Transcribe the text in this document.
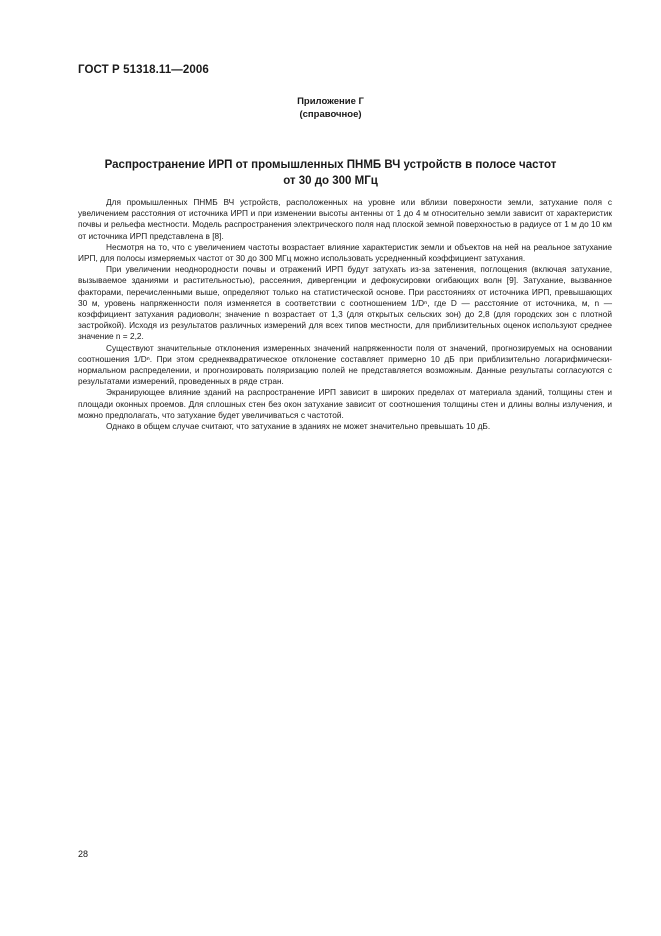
ГОСТ Р 51318.11—2006
Приложение Г
(справочное)
Распространение ИРП от промышленных ПНМБ ВЧ устройств в полосе частот
от 30 до 300 МГц

Для промышленных ПНМБ ВЧ устройств, расположенных на уровне или вблизи поверхности земли, затухание поля с увеличением расстояния от источника ИРП и при изменении высоты антенны от 1 до 4 м относительно земли зависит от характеристик почвы и рельефа местности. Модель распространения электрического поля над плоской земной поверхностью в радиусе от 1 м до 10 км от источника ИРП представлена в [8].

Несмотря на то, что с увеличением частоты возрастает влияние характеристик земли и объектов на ней на реальное затухание ИРП, для полосы измеряемых частот от 30 до 300 МГц можно использовать усредненный коэффициент затухания.

При увеличении неоднородности почвы и отражений ИРП будут затухать из-за затенения, поглощения (включая затухание, вызываемое зданиями и растительностью), рассеяния, дивергенции и дефокусировки огибающих волн [9]. Затухание, вызванное факторами, перечисленными выше, определяют только на статистической основе. При расстояниях от источника ИРП, превышающих 30 м, уровень напряженности поля изменяется в соответствии с соотношением 1/Dⁿ, где D — расстояние от источника, м, n — коэффициент затухания радиоволн; значение n возрастает от 1,3 (для открытых сельских зон) до 2,8 (для городских зон с плотной застройкой). Исходя из результатов различных измерений для всех типов местности, для приблизительных оценок используют среднее значение n = 2,2.

Существуют значительные отклонения измеренных значений напряженности поля от значений, прогнозируемых на основании соотношения 1/Dⁿ. При этом среднеквадратическое отклонение составляет примерно 10 дБ при приблизительно логарифмически-нормальном распределении, и прогнозировать поляризацию полей не представляется возможным. Данные результаты согласуются с результатами измерений, проведенных в ряде стран.

Экранирующее влияние зданий на распространение ИРП зависит в широких пределах от материала зданий, толщины стен и площади оконных проемов. Для сплошных стен без окон затухание зависит от соотношения толщины стен и длины волны излучения, и можно предполагать, что затухание будет увеличиваться с частотой.

Однако в общем случае считают, что затухание в зданиях не может значительно превышать 10 дБ.

28
